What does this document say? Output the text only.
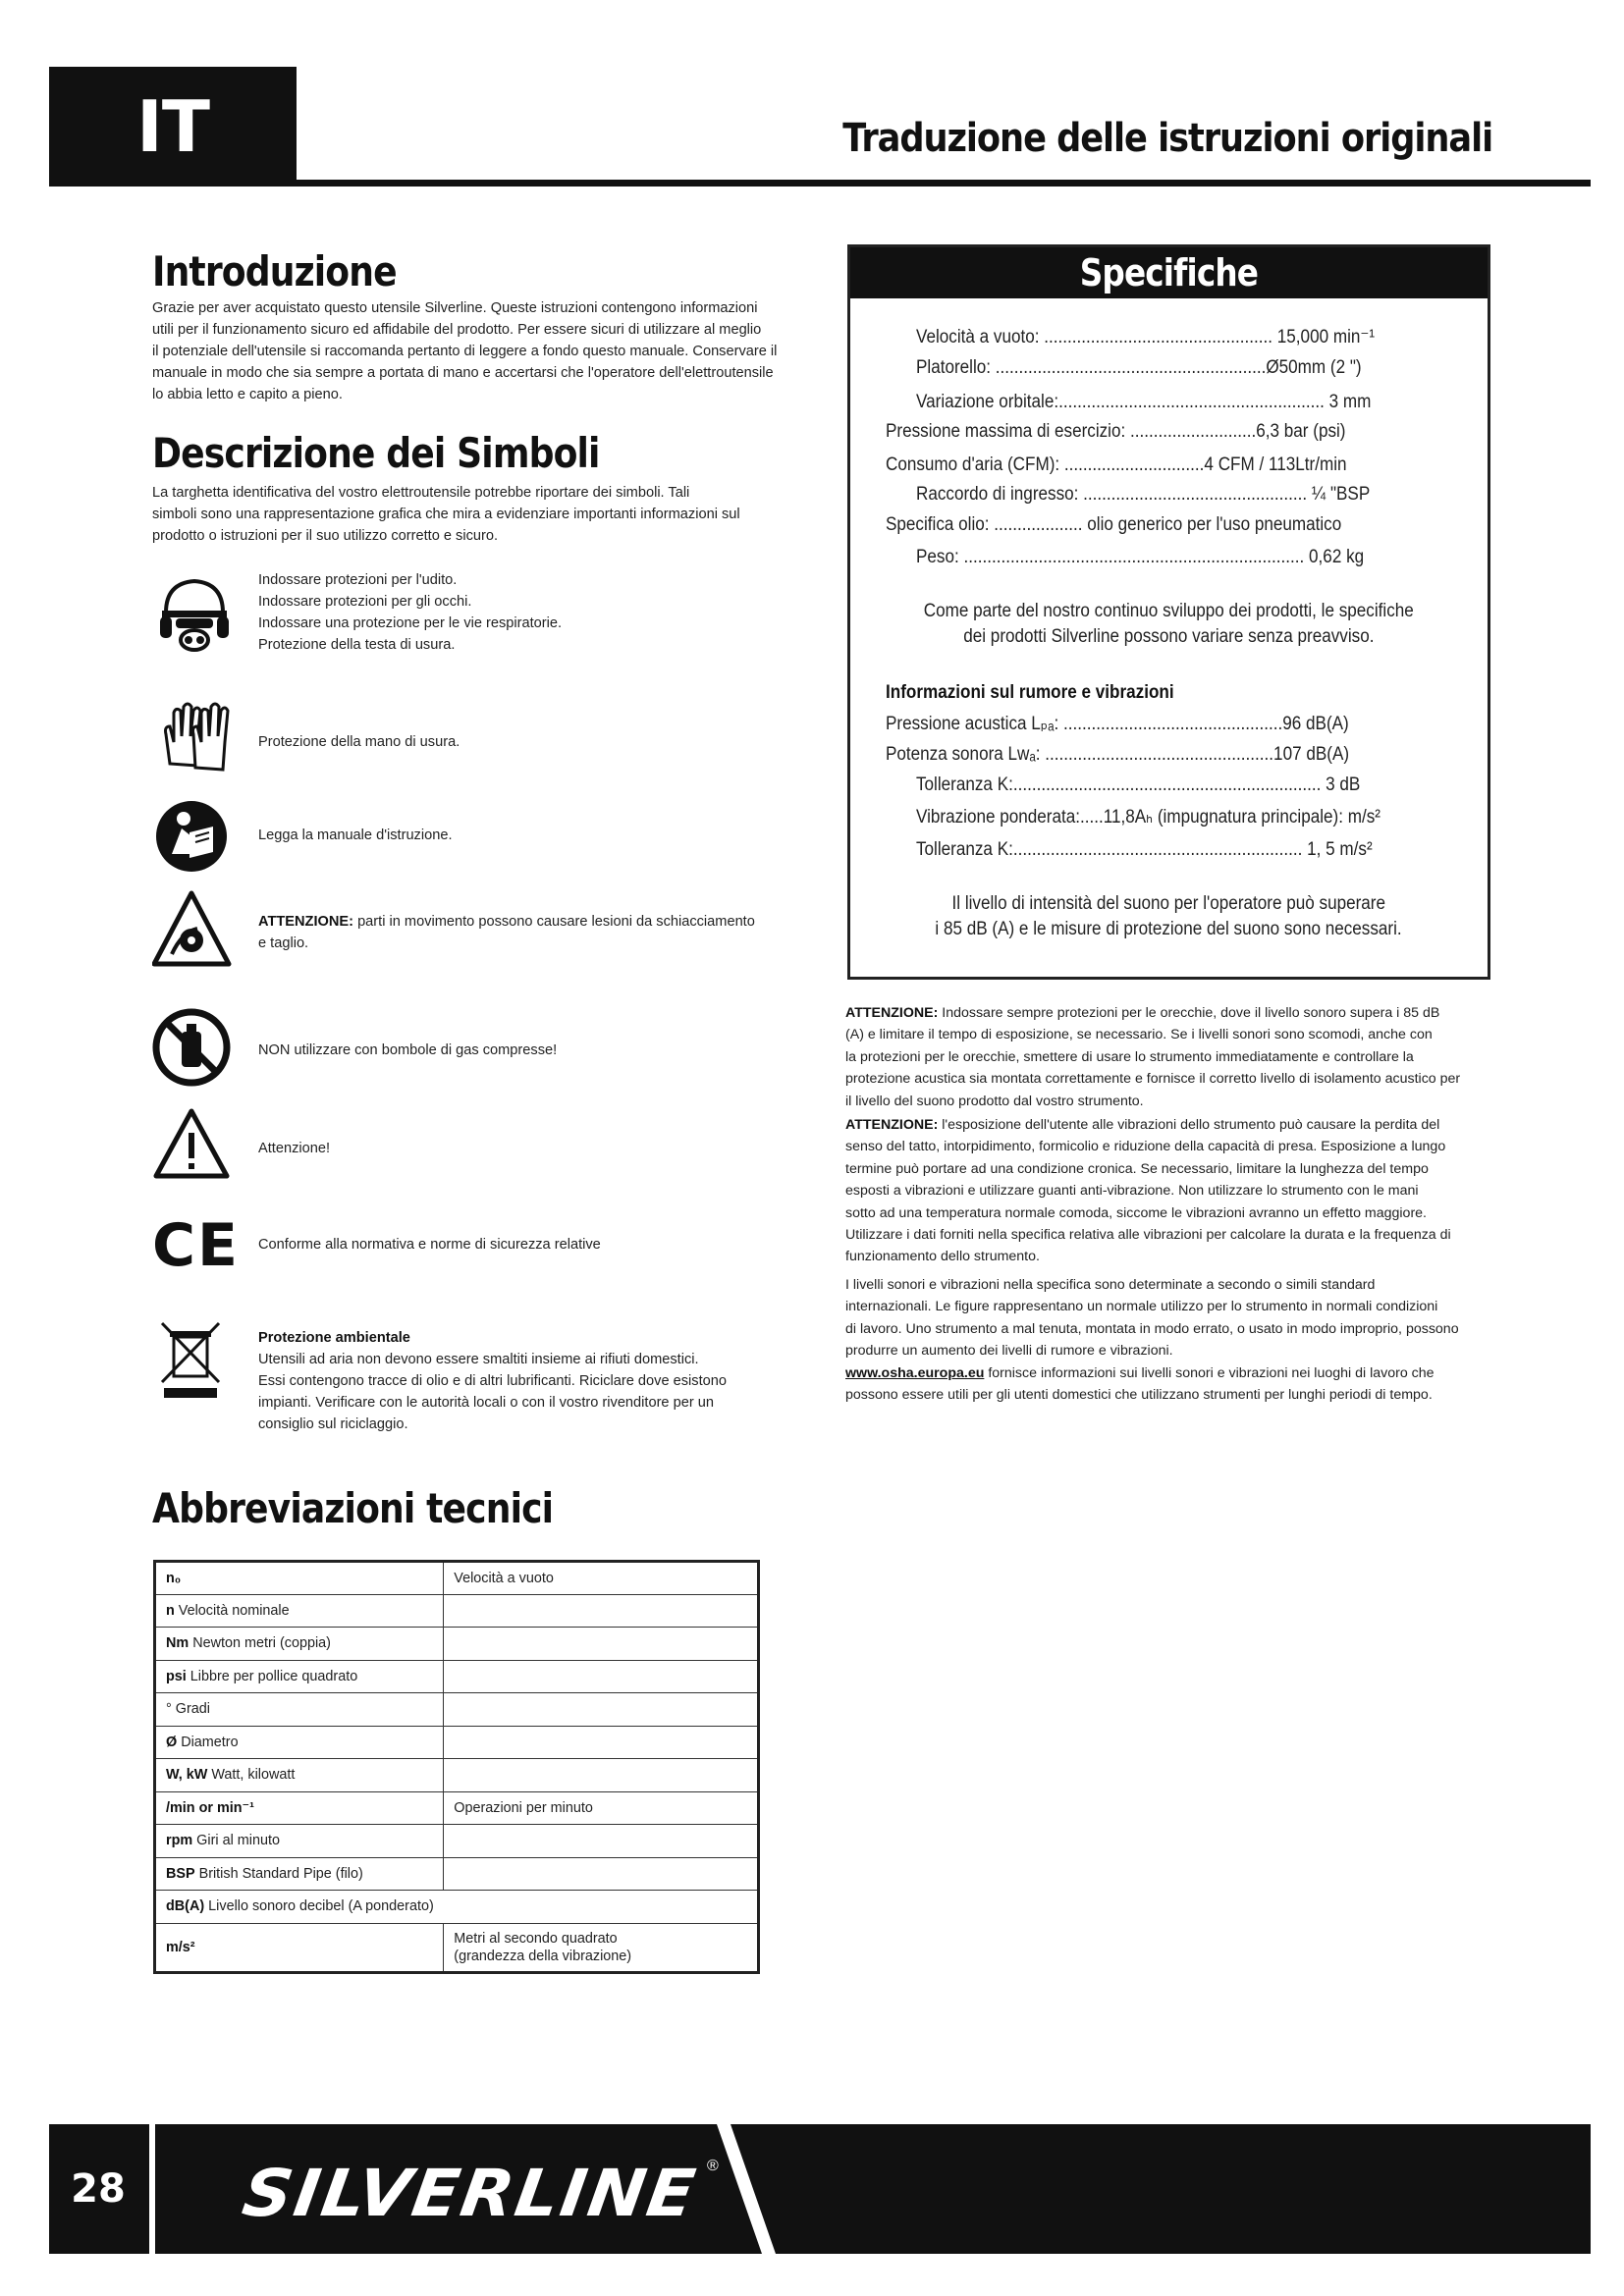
IT	Traduzione delle istruzioni originali
Introduzione
Grazie per aver acquistato questo utensile Silverline. Queste istruzioni contengono informazioni
utili per il funzionamento sicuro ed affidabile del prodotto. Per essere sicuri di utilizzare al meglio
il potenziale dell'utensile si raccomanda pertanto di leggere a fondo questo manuale. Conservare il
manuale in modo che sia sempre a portata di mano e accertarsi che l'operatore dell'elettroutensile
lo abbia letto e capito a pieno.
Descrizione dei Simboli
La targhetta identificativa del vostro elettroutensile potrebbe riportare dei simboli. Tali
simboli sono una rappresentazione grafica che mira a evidenziare importanti informazioni sul
prodotto o istruzioni per il suo utilizzo corretto e sicuro.
Indossare protezioni per l'udito.
Indossare protezioni per gli occhi.
Indossare una protezione per le vie respiratorie.
Protezione della testa di usura.
Protezione della mano di usura.
Legga la manuale d'istruzione.
ATTENZIONE: parti in movimento possono causare lesioni da schiacciamento
e taglio.
NON utilizzare con bombole di gas compresse!
Attenzione!
CE Conforme alla normativa e norme di sicurezza relative
Protezione ambientale
Utensili ad aria non devono essere smaltiti insieme ai rifiuti domestici.
Essi contengono tracce di olio e di altri lubrificanti. Riciclare dove esistono
impianti. Verificare con le autorità locali o con il vostro rivenditore per un
consiglio sul riciclaggio.
Abbreviazioni tecnici
n₀	Velocità a vuoto
n Velocità nominale	
Nm Newton metri (coppia)	
psi Libbre per pollice quadrato	
° Gradi	
Ø Diametro	
W, kW Watt, kilowatt	
/min or min⁻¹	Operazioni per minuto
rpm Giri al minuto	
BSP British Standard Pipe (filo)	
dB(A) Livello sonoro decibel (A ponderato)	
m/s²	Metri al secondo quadrato
(grandezza della vibrazione)
Specifiche
Velocità a vuoto: ................................................. 15,000 min⁻¹
Platorello: ..........................................................Ø50mm (2 ")
Variazione orbitale:......................................................... 3 mm
Pressione massima di esercizio: ...........................6,3 bar (psi)
Consumo d'aria (CFM): ..............................4 CFM / 113Ltr/min
Raccordo di ingresso: ................................................ ¼ "BSP
Specifica olio: ................... olio generico per l'uso pneumatico
Peso: ......................................................................... 0,62 kg
Come parte del nostro continuo sviluppo dei prodotti, le specifiche
dei prodotti Silverline possono variare senza preavviso.
Informazioni sul rumore e vibrazioni
Pressione acustica Lₚₐ: ...............................................96 dB(A)
Potenza sonora Lᴡₐ: .................................................107 dB(A)
Tolleranza K:.................................................................. 3 dB
Vibrazione ponderata:.....11,8Aₕ (impugnatura principale): m/s²
Tolleranza K:.............................................................. 1, 5 m/s²
Il livello di intensità del suono per l'operatore può superare
i 85 dB (A) e le misure di protezione del suono sono necessari.
ATTENZIONE: Indossare sempre protezioni per le orecchie, dove il livello sonoro supera i 85 dB
(A) e limitare il tempo di esposizione, se necessario. Se i livelli sonori sono scomodi, anche con
la protezioni per le orecchie, smettere di usare lo strumento immediatamente e controllare la
protezione acustica sia montata correttamente e fornisce il corretto livello di isolamento acustico per
il livello del suono prodotto dal vostro strumento.
ATTENZIONE: l'esposizione dell'utente alle vibrazioni dello strumento può causare la perdita del
senso del tatto, intorpidimento, formicolio e riduzione della capacità di presa. Esposizione a lungo
termine può portare ad una condizione cronica. Se necessario, limitare la lunghezza del tempo
esposti a vibrazioni e utilizzare guanti anti-vibrazione. Non utilizzare lo strumento con le mani
sotto ad una temperatura normale comoda, siccome le vibrazioni avranno un effetto maggiore.
Utilizzare i dati forniti nella specifica relativa alle vibrazioni per calcolare la durata e la frequenza di
funzionamento dello strumento.
I livelli sonori e vibrazioni nella specifica sono determinate a secondo o simili standard
internazionali. Le figure rappresentano un normale utilizzo per lo strumento in normali condizioni
di lavoro. Uno strumento a mal tenuta, montata in modo errato, o usato in modo improprio, possono
produrre un aumento dei livelli di rumore e vibrazioni.
www.osha.europa.eu fornisce informazioni sui livelli sonori e vibrazioni nei luoghi di lavoro che
possono essere utili per gli utenti domestici che utilizzano strumenti per lunghi periodi di tempo.
28	SILVERLINE ®
